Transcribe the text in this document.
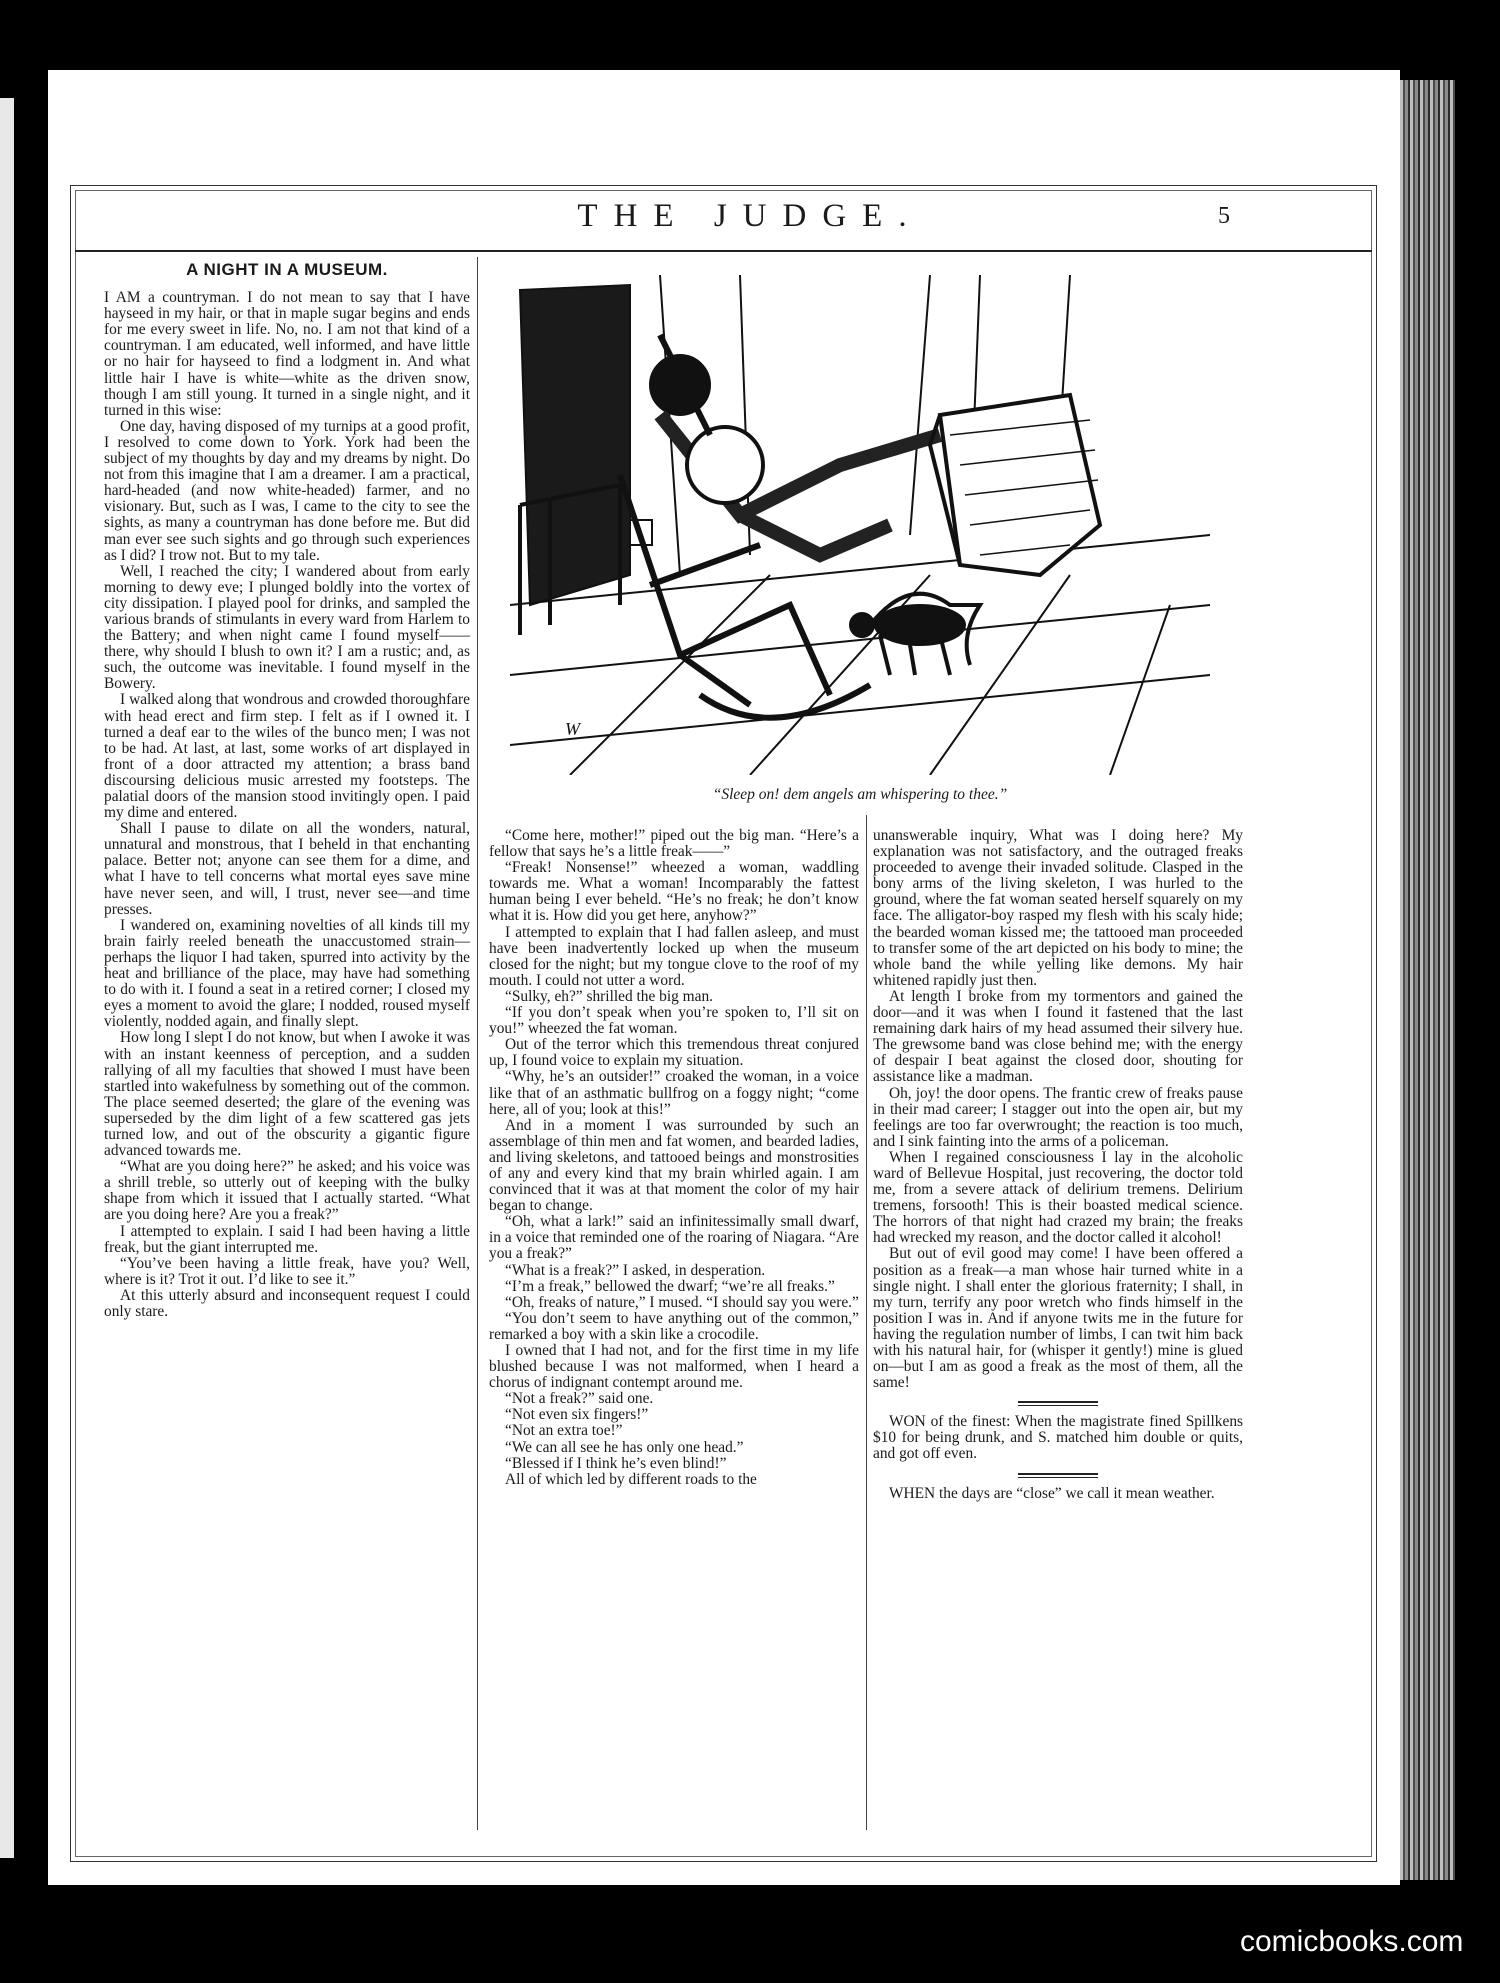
THE JUDGE.	5
A NIGHT IN A MUSEUM.

I AM a countryman. I do not mean to say that I have hayseed in my hair, or that in maple sugar begins and ends for me every sweet in life. No, no. I am not that kind of a countryman. I am educated, well informed, and have little or no hair for hayseed to find a lodgment in. And what little hair I have is white—white as the driven snow, though I am still young. It turned in a single night, and it turned in this wise:

One day, having disposed of my turnips at a good profit, I resolved to come down to York. York had been the subject of my thoughts by day and my dreams by night. Do not from this imagine that I am a dreamer. I am a practical, hard-headed (and now white-headed) farmer, and no visionary. But, such as I was, I came to the city to see the sights, as many a countryman has done before me. But did man ever see such sights and go through such experiences as I did? I trow not. But to my tale.

Well, I reached the city; I wandered about from early morning to dewy eve; I plunged boldly into the vortex of city dissipation. I played pool for drinks, and sampled the various brands of stimulants in every ward from Harlem to the Battery; and when night came I found myself——there, why should I blush to own it? I am a rustic; and, as such, the outcome was inevitable. I found myself in the Bowery.

I walked along that wondrous and crowded thoroughfare with head erect and firm step. I felt as if I owned it. I turned a deaf ear to the wiles of the bunco men; I was not to be had. At last, at last, some works of art displayed in front of a door attracted my attention; a brass band discoursing delicious music arrested my footsteps. The palatial doors of the mansion stood invitingly open. I paid my dime and entered.

Shall I pause to dilate on all the wonders, natural, unnatural and monstrous, that I beheld in that enchanting palace. Better not; anyone can see them for a dime, and what I have to tell concerns what mortal eyes save mine have never seen, and will, I trust, never see—and time presses.

I wandered on, examining novelties of all kinds till my brain fairly reeled beneath the unaccustomed strain—perhaps the liquor I had taken, spurred into activity by the heat and brilliance of the place, may have had something to do with it. I found a seat in a retired corner; I closed my eyes a moment to avoid the glare; I nodded, roused myself violently, nodded again, and finally slept.

How long I slept I do not know, but when I awoke it was with an instant keenness of perception, and a sudden rallying of all my faculties that showed I must have been startled into wakefulness by something out of the common. The place seemed deserted; the glare of the evening was superseded by the dim light of a few scattered gas jets turned low, and out of the obscurity a gigantic figure advanced towards me.

“What are you doing here?” he asked; and his voice was a shrill treble, so utterly out of keeping with the bulky shape from which it issued that I actually started. “What are you doing here? Are you a freak?”

I attempted to explain. I said I had been having a little freak, but the giant interrupted me.

“You’ve been having a little freak, have you? Well, where is it? Trot it out. I’d like to see it.”

At this utterly absurd and inconsequent request I could only stare.

W
“Sleep on! dem angels am whispering to thee.”

“Come here, mother!” piped out the big man. “Here’s a fellow that says he’s a little freak——”

“Freak! Nonsense!” wheezed a woman, waddling towards me. What a woman! Incomparably the fattest human being I ever beheld. “He’s no freak; he don’t know what it is. How did you get here, anyhow?”

I attempted to explain that I had fallen asleep, and must have been inadvertently locked up when the museum closed for the night; but my tongue clove to the roof of my mouth. I could not utter a word.

“Sulky, eh?” shrilled the big man.

“If you don’t speak when you’re spoken to, I’ll sit on you!” wheezed the fat woman.

Out of the terror which this tremendous threat conjured up, I found voice to explain my situation.

“Why, he’s an outsider!” croaked the woman, in a voice like that of an asthmatic bullfrog on a foggy night; “come here, all of you; look at this!”

And in a moment I was surrounded by such an assemblage of thin men and fat women, and bearded ladies, and living skeletons, and tattooed beings and monstrosities of any and every kind that my brain whirled again. I am convinced that it was at that moment the color of my hair began to change.

“Oh, what a lark!” said an infinitessimally small dwarf, in a voice that reminded one of the roaring of Niagara. “Are you a freak?”

“What is a freak?” I asked, in desperation.

“I’m a freak,” bellowed the dwarf; “we’re all freaks.”

“Oh, freaks of nature,” I mused. “I should say you were.”

“You don’t seem to have anything out of the common,” remarked a boy with a skin like a crocodile.

I owned that I had not, and for the first time in my life blushed because I was not malformed, when I heard a chorus of indignant contempt around me.

“Not a freak?” said one.

“Not even six fingers!”

“Not an extra toe!”

“We can all see he has only one head.”

“Blessed if I think he’s even blind!”

All of which led by different roads to the

unanswerable inquiry, What was I doing here? My explanation was not satisfactory, and the outraged freaks proceeded to avenge their invaded solitude. Clasped in the bony arms of the living skeleton, I was hurled to the ground, where the fat woman seated herself squarely on my face. The alligator-boy rasped my flesh with his scaly hide; the bearded woman kissed me; the tattooed man proceeded to transfer some of the art depicted on his body to mine; the whole band the while yelling like demons. My hair whitened rapidly just then.

At length I broke from my tormentors and gained the door—and it was when I found it fastened that the last remaining dark hairs of my head assumed their silvery hue. The grewsome band was close behind me; with the energy of despair I beat against the closed door, shouting for assistance like a madman.

Oh, joy! the door opens. The frantic crew of freaks pause in their mad career; I stagger out into the open air, but my feelings are too far overwrought; the reaction is too much, and I sink fainting into the arms of a policeman.

When I regained consciousness I lay in the alcoholic ward of Bellevue Hospital, just recovering, the doctor told me, from a severe attack of delirium tremens. Delirium tremens, forsooth! This is their boasted medical science. The horrors of that night had crazed my brain; the freaks had wrecked my reason, and the doctor called it alcohol!

But out of evil good may come! I have been offered a position as a freak—a man whose hair turned white in a single night. I shall enter the glorious fraternity; I shall, in my turn, terrify any poor wretch who finds himself in the position I was in. And if anyone twits me in the future for having the regulation number of limbs, I can twit him back with his natural hair, for (whisper it gently!) mine is glued on—but I am as good a freak as the most of them, all the same!

WON of the finest: When the magistrate fined Spillkens $10 for being drunk, and S. matched him double or quits, and got off even.

WHEN the days are “close” we call it mean weather.

comicbooks.com
